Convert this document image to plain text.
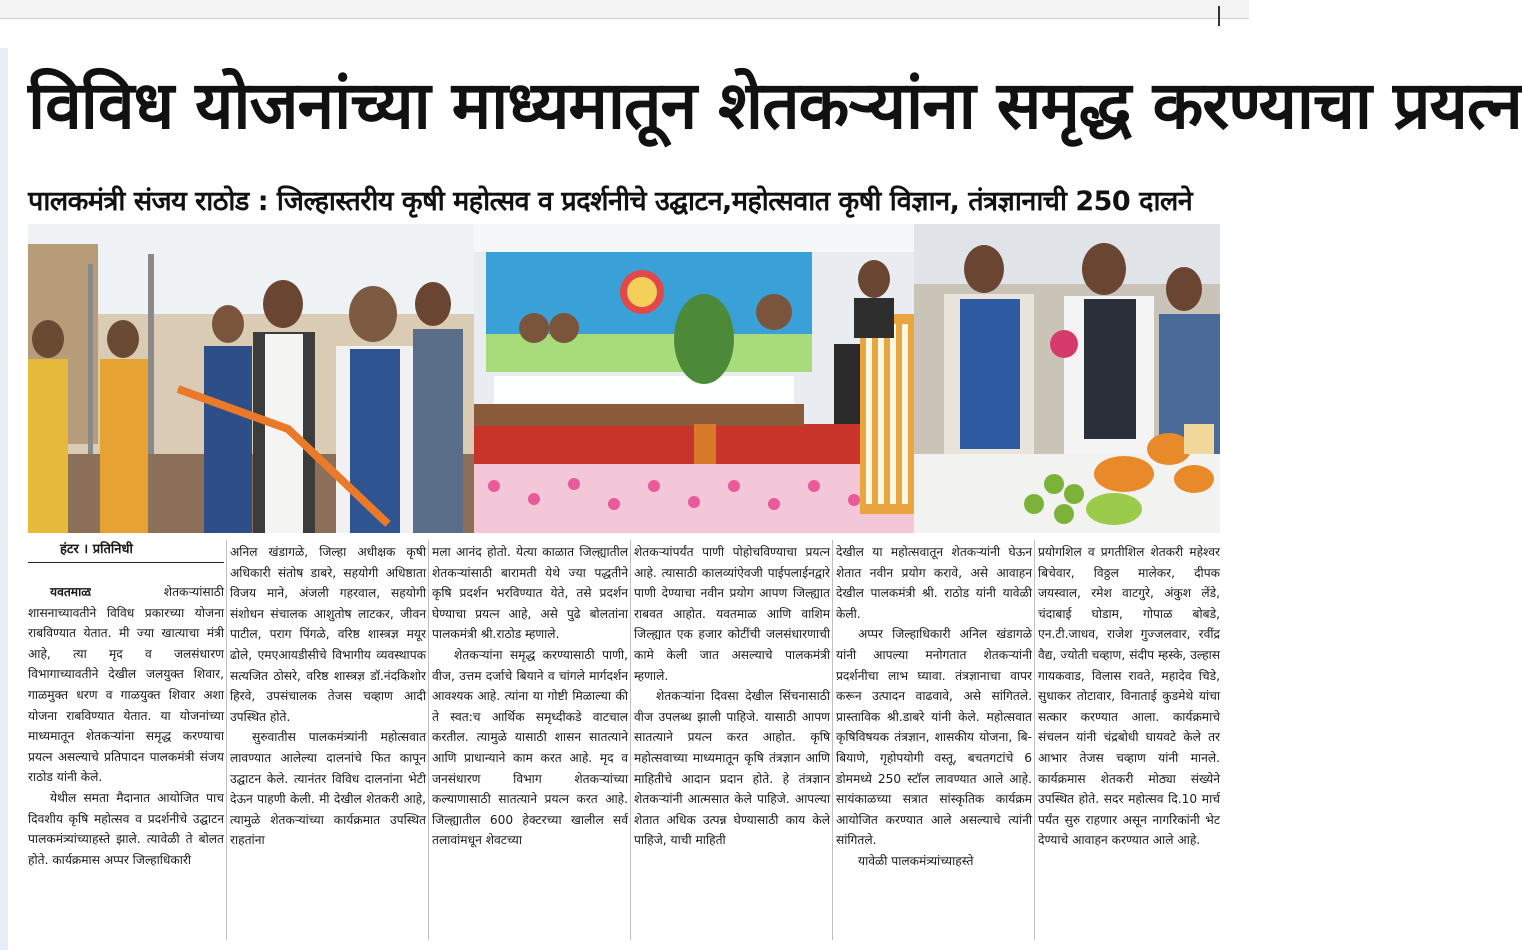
विविध योजनांच्या माध्यमातून शेतकऱ्यांना समृद्ध करण्याचा प्रयत्न
पालकमंत्री संजय राठोड : जिल्हास्तरीय कृषी महोत्सव व प्रदर्शनीचे उद्घाटन,महोत्सवात कृषी विज्ञान, तंत्रज्ञानाची 250 दालने
हंटर । प्रतिनिधी

यवतमाळ: शेतकऱ्यांसाठी शासनाच्यावतीने विविध प्रकारच्या योजना राबविण्यात येतात. मी ज्या खात्याचा मंत्री आहे, त्या मृद व जलसंधारण विभागाच्यावतीने देखील जलयुक्त शिवार, गाळमुक्त धरण व गाळयुक्त शिवार अशा योजना राबविण्यात येतात. या योजनांच्या माध्यमातून शेतकऱ्यांना समृद्ध करण्याचा प्रयत्न असल्याचे प्रतिपादन पालकमंत्री संजय राठोड यांनी केले.

येथील समता मैदानात आयोजित पाच दिवशीय कृषि महोत्सव व प्रदर्शनीचे उद्घाटन पालकमंत्र्यांच्याहस्ते झाले. त्यावेळी ते बोलत होते. कार्यक्रमास अप्पर जिल्हाधिकारी

अनिल खंडागळे, जिल्हा अधीक्षक कृषी अधिकारी संतोष डाबरे, सहयोगी अधिष्ठाता विजय माने, अंजली गहरवाल, सहयोगी संशोधन संचालक आशुतोष लाटकर, जीवन पाटील, पराग पिंगळे, वरिष्ठ शास्त्रज्ञ मयूर ढोले, एमएआयडीसीचे विभागीय व्यवस्थापक सत्यजित ठोसरे, वरिष्ठ शास्त्रज्ञ डॉ.नंदकिशोर हिरवे, उपसंचालक तेजस चव्हाण आदी उपस्थित होते.

सुरुवातीस पालकमंत्र्यांनी महोत्सवात लावण्यात आलेल्या दालनांचे फित कापून उद्घाटन केले. त्यानंतर विविध दालनांना भेटी देऊन पाहणी केली. मी देखील शेतकरी आहे, त्यामुळे शेतकऱ्यांच्या कार्यक्रमात उपस्थित राहतांना

मला आनंद होतो. येत्या काळात जिल्ह्यातील शेतकऱ्यांसाठी बारामती येथे ज्या पद्धतीने कृषि प्रदर्शन भरविण्यात येते, तसे प्रदर्शन घेण्याचा प्रयत्न आहे, असे पुढे बोलतांना पालकमंत्री श्री.राठोड म्हणाले.

शेतकऱ्यांना समृद्ध करण्यासाठी पाणी, वीज, उत्तम दर्जाचे बियाने व चांगले मार्गदर्शन आवश्यक आहे. त्यांना या गोष्टी मिळाल्या की ते स्वत:च आर्थिक समृध्दीकडे वाटचाल करतील. त्यामुळे यासाठी शासन सातत्याने आणि प्राधान्याने काम करत आहे. मृद व जनसंधारण विभाग शेतकऱ्यांच्या कल्याणासाठी सातत्याने प्रयत्न करत आहे. जिल्ह्यातील 600 हेक्टरच्या खालील सर्व तलावांमधून शेवटच्या

शेतकऱ्यांपर्यंत पाणी पोहोचविण्याचा प्रयत्न आहे. त्यासाठी कालव्यांऐवजी पाईपलाईनद्वारे पाणी देण्याचा नवीन प्रयोग आपण जिल्ह्यात राबवत आहोत. यवतमाळ आणि वाशिम जिल्ह्यात एक हजार कोटींची जलसंधारणाची कामे केली जात असल्याचे पालकमंत्री म्हणाले.

शेतकऱ्यांना दिवसा देखील सिंचनासाठी वीज उपलब्ध झाली पाहिजे. यासाठी आपण सातत्याने प्रयत्न करत आहोत. कृषि महोत्सवाच्या माध्यमातून कृषि तंत्रज्ञान आणि माहितीचे आदान प्रदान होते. हे तंत्रज्ञान शेतकऱ्यांनी आत्मसात केले पाहिजे. आपल्या शेतात अधिक उत्पन्न घेण्यासाठी काय केले पाहिजे, याची माहिती

देखील या महोत्सवातून शेतकऱ्यांनी घेऊन शेतात नवीन प्रयोग करावे, असे आवाहन देखील पालकमंत्री श्री. राठोड यांनी यावेळी केली.

अप्पर जिल्हाधिकारी अनिल खंडागळे यांनी आपल्या मनोगतात शेतकऱ्यांनी प्रदर्शनीचा लाभ घ्यावा. तंत्रज्ञानाचा वापर करून उत्पादन वाढवावे, असे सांगितले. प्रास्ताविक श्री.डाबरे यांनी केले. महोत्सवात कृषिविषयक तंत्रज्ञान, शासकीय योजना, बि-बियाणे, गृहोपयोगी वस्तू, बचतगटांचे 6 डोममध्ये 250 स्टॉल लावण्यात आले आहे. सायंकाळच्या सत्रात सांस्कृतिक कार्यक्रम आयोजित करण्यात आले असल्याचे त्यांनी सांगितले.

यावेळी पालकमंत्र्यांच्याहस्ते

प्रयोगशिल व प्रगतीशिल शेतकरी महेश्वर बिचेवार, विठ्ठल मालेकर, दीपक जयस्वाल, रमेश वाटगुरे, अंकुश लेंडे, चंदाबाई घोडाम, गोपाळ बोबडे, एन.टी.जाधव, राजेश गुज्जलवार, रवींद्र वैद्य, ज्योती चव्हाण, संदीप म्हस्के, उल्हास गायकवाड, विलास रावते, महादेव चिडे, सुधाकर तोटावार, विनाताई कुडमेथे यांचा सत्कार करण्यात आला. कार्यक्रमाचे संचलन यांनी चंद्रबोधी घायवटे केले तर आभार तेजस चव्हाण यांनी मानले. कार्यक्रमास शेतकरी मोठ्या संख्येने उपस्थित होते. सदर महोत्सव दि.10 मार्च पर्यंत सुरु राहणार असून नागरिकांनी भेट देण्याचे आवाहन करण्यात आले आहे.
